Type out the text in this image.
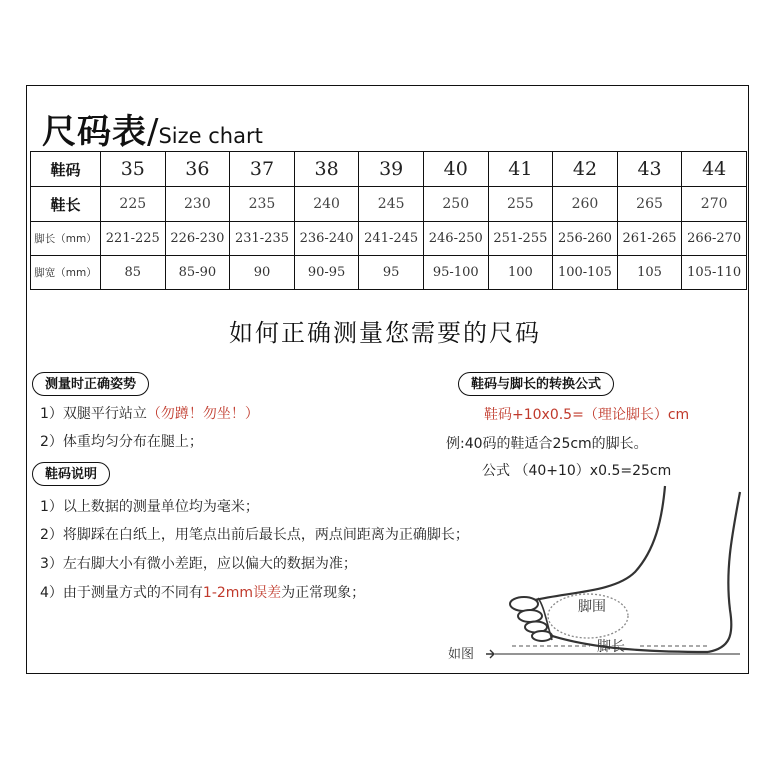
尺码表/Size chart
鞋码	35	36	37	38	39	40	41	42	43	44
鞋长	225	230	235	240	245	250	255	260	265	270
脚长（mm）	221-225	226-230	231-235	236-240	241-245	246-250	251-255	256-260	261-265	266-270
脚宽（mm）	85	85-90	90	90-95	95	95-100	100	100-105	105	105-110
如何正确测量您需要的尺码
测量时正确姿势
1）双腿平行站立（勿蹲！勿坐！）
2）体重均匀分布在腿上；
鞋码说明
1）以上数据的测量单位均为毫米；
2）将脚踩在白纸上，用笔点出前后最长点，两点间距离为正确脚长；
3）左右脚大小有微小差距，应以偏大的数据为准；
4）由于测量方式的不同有1-2mm误差为正常现象；
鞋码与脚长的转换公式
鞋码+10x0.5=（理论脚长）cm
例:40码的鞋适合25cm的脚长。
公式 （40+10）x0.5=25cm
脚围
脚长
如图
